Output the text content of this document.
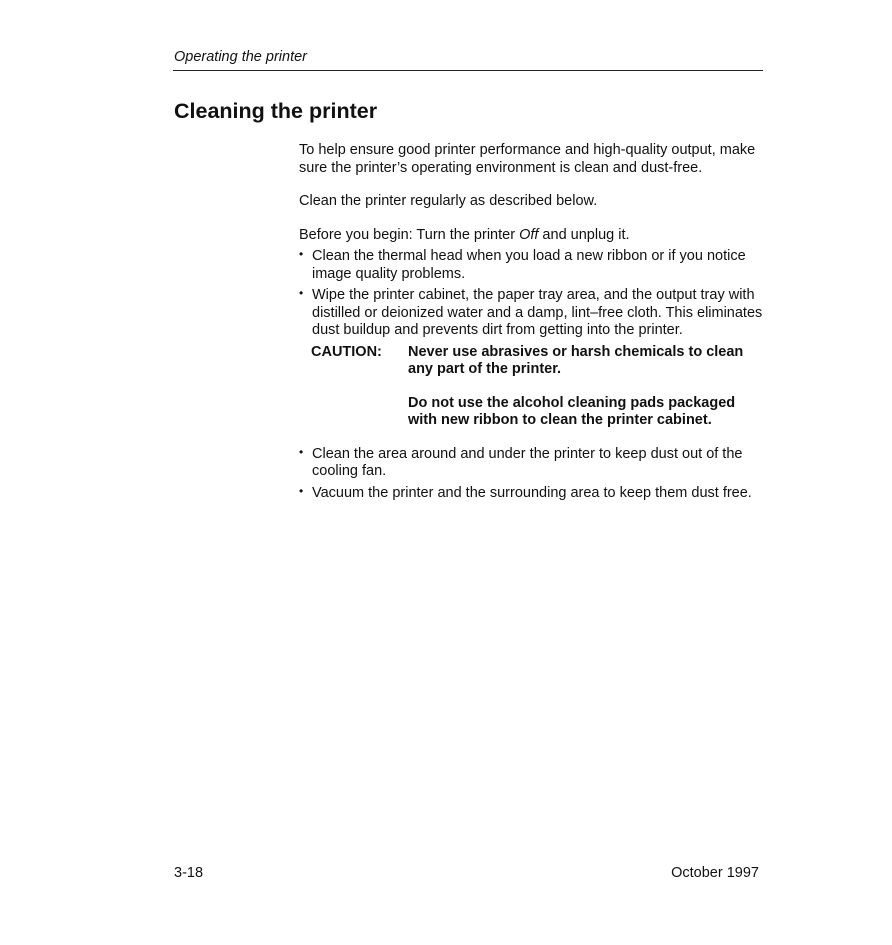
Operating the printer
Cleaning the printer

To help ensure good printer performance and high-quality output, make sure the printer’s operating environment is clean and dust-free.

Clean the printer regularly as described below.

Before you begin: Turn the printer Off and unplug it.

• Clean the thermal head when you load a new ribbon or if you notice image quality problems.
• Wipe the printer cabinet, the paper tray area, and the output tray with distilled or deionized water and a damp, lint–free cloth. This eliminates dust buildup and prevents dirt from getting into the printer.
CAUTION:	Never use abrasives or harsh chemicals to clean any part of the printer.

Do not use the alcohol cleaning pads packaged with new ribbon to clean the printer cabinet.

• Clean the area around and under the printer to keep dust out of the cooling fan.
• Vacuum the printer and the surrounding area to keep them dust free.
3-18	October 1997
